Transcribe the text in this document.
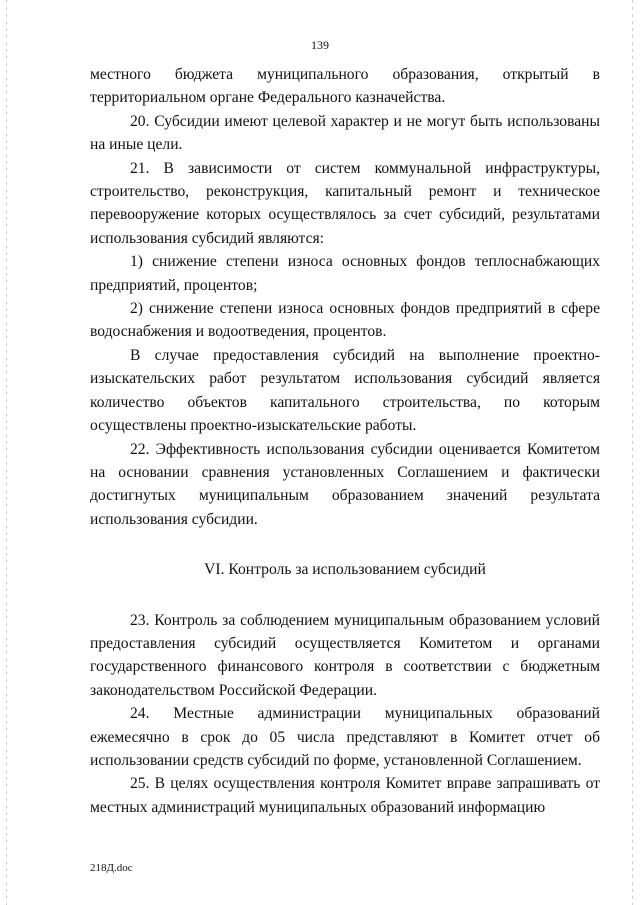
139

местного бюджета муниципального образования, открытый в территориальном органе Федерального казначейства.

20. Субсидии имеют целевой характер и не могут быть использованы на иные цели.

21. В зависимости от систем коммунальной инфраструктуры, строительство, реконструкция, капитальный ремонт и техническое перевооружение которых осуществлялось за счет субсидий, результатами использования субсидий являются:

1) снижение степени износа основных фондов теплоснабжающих предприятий, процентов;

2) снижение степени износа основных фондов предприятий в сфере водоснабжения и водоотведения, процентов.

В случае предоставления субсидий на выполнение проектно-изыскательских работ результатом использования субсидий является количество объектов капитального строительства, по которым осуществлены проектно-изыскательские работы.

22. Эффективность использования субсидии оценивается Комитетом на основании сравнения установленных Соглашением и фактически достигнутых муниципальным образованием значений результата использования субсидии.

VI. Контроль за использованием субсидий

23. Контроль за соблюдением муниципальным образованием условий предоставления субсидий осуществляется Комитетом и органами государственного финансового контроля в соответствии с бюджетным законодательством Российской Федерации.

24. Местные администрации муниципальных образований ежемесячно в срок до 05 числа представляют в Комитет отчет об использовании средств субсидий по форме, установленной Соглашением.

25. В целях осуществления контроля Комитет вправе запрашивать от местных администраций муниципальных образований информацию

218Д.doc
